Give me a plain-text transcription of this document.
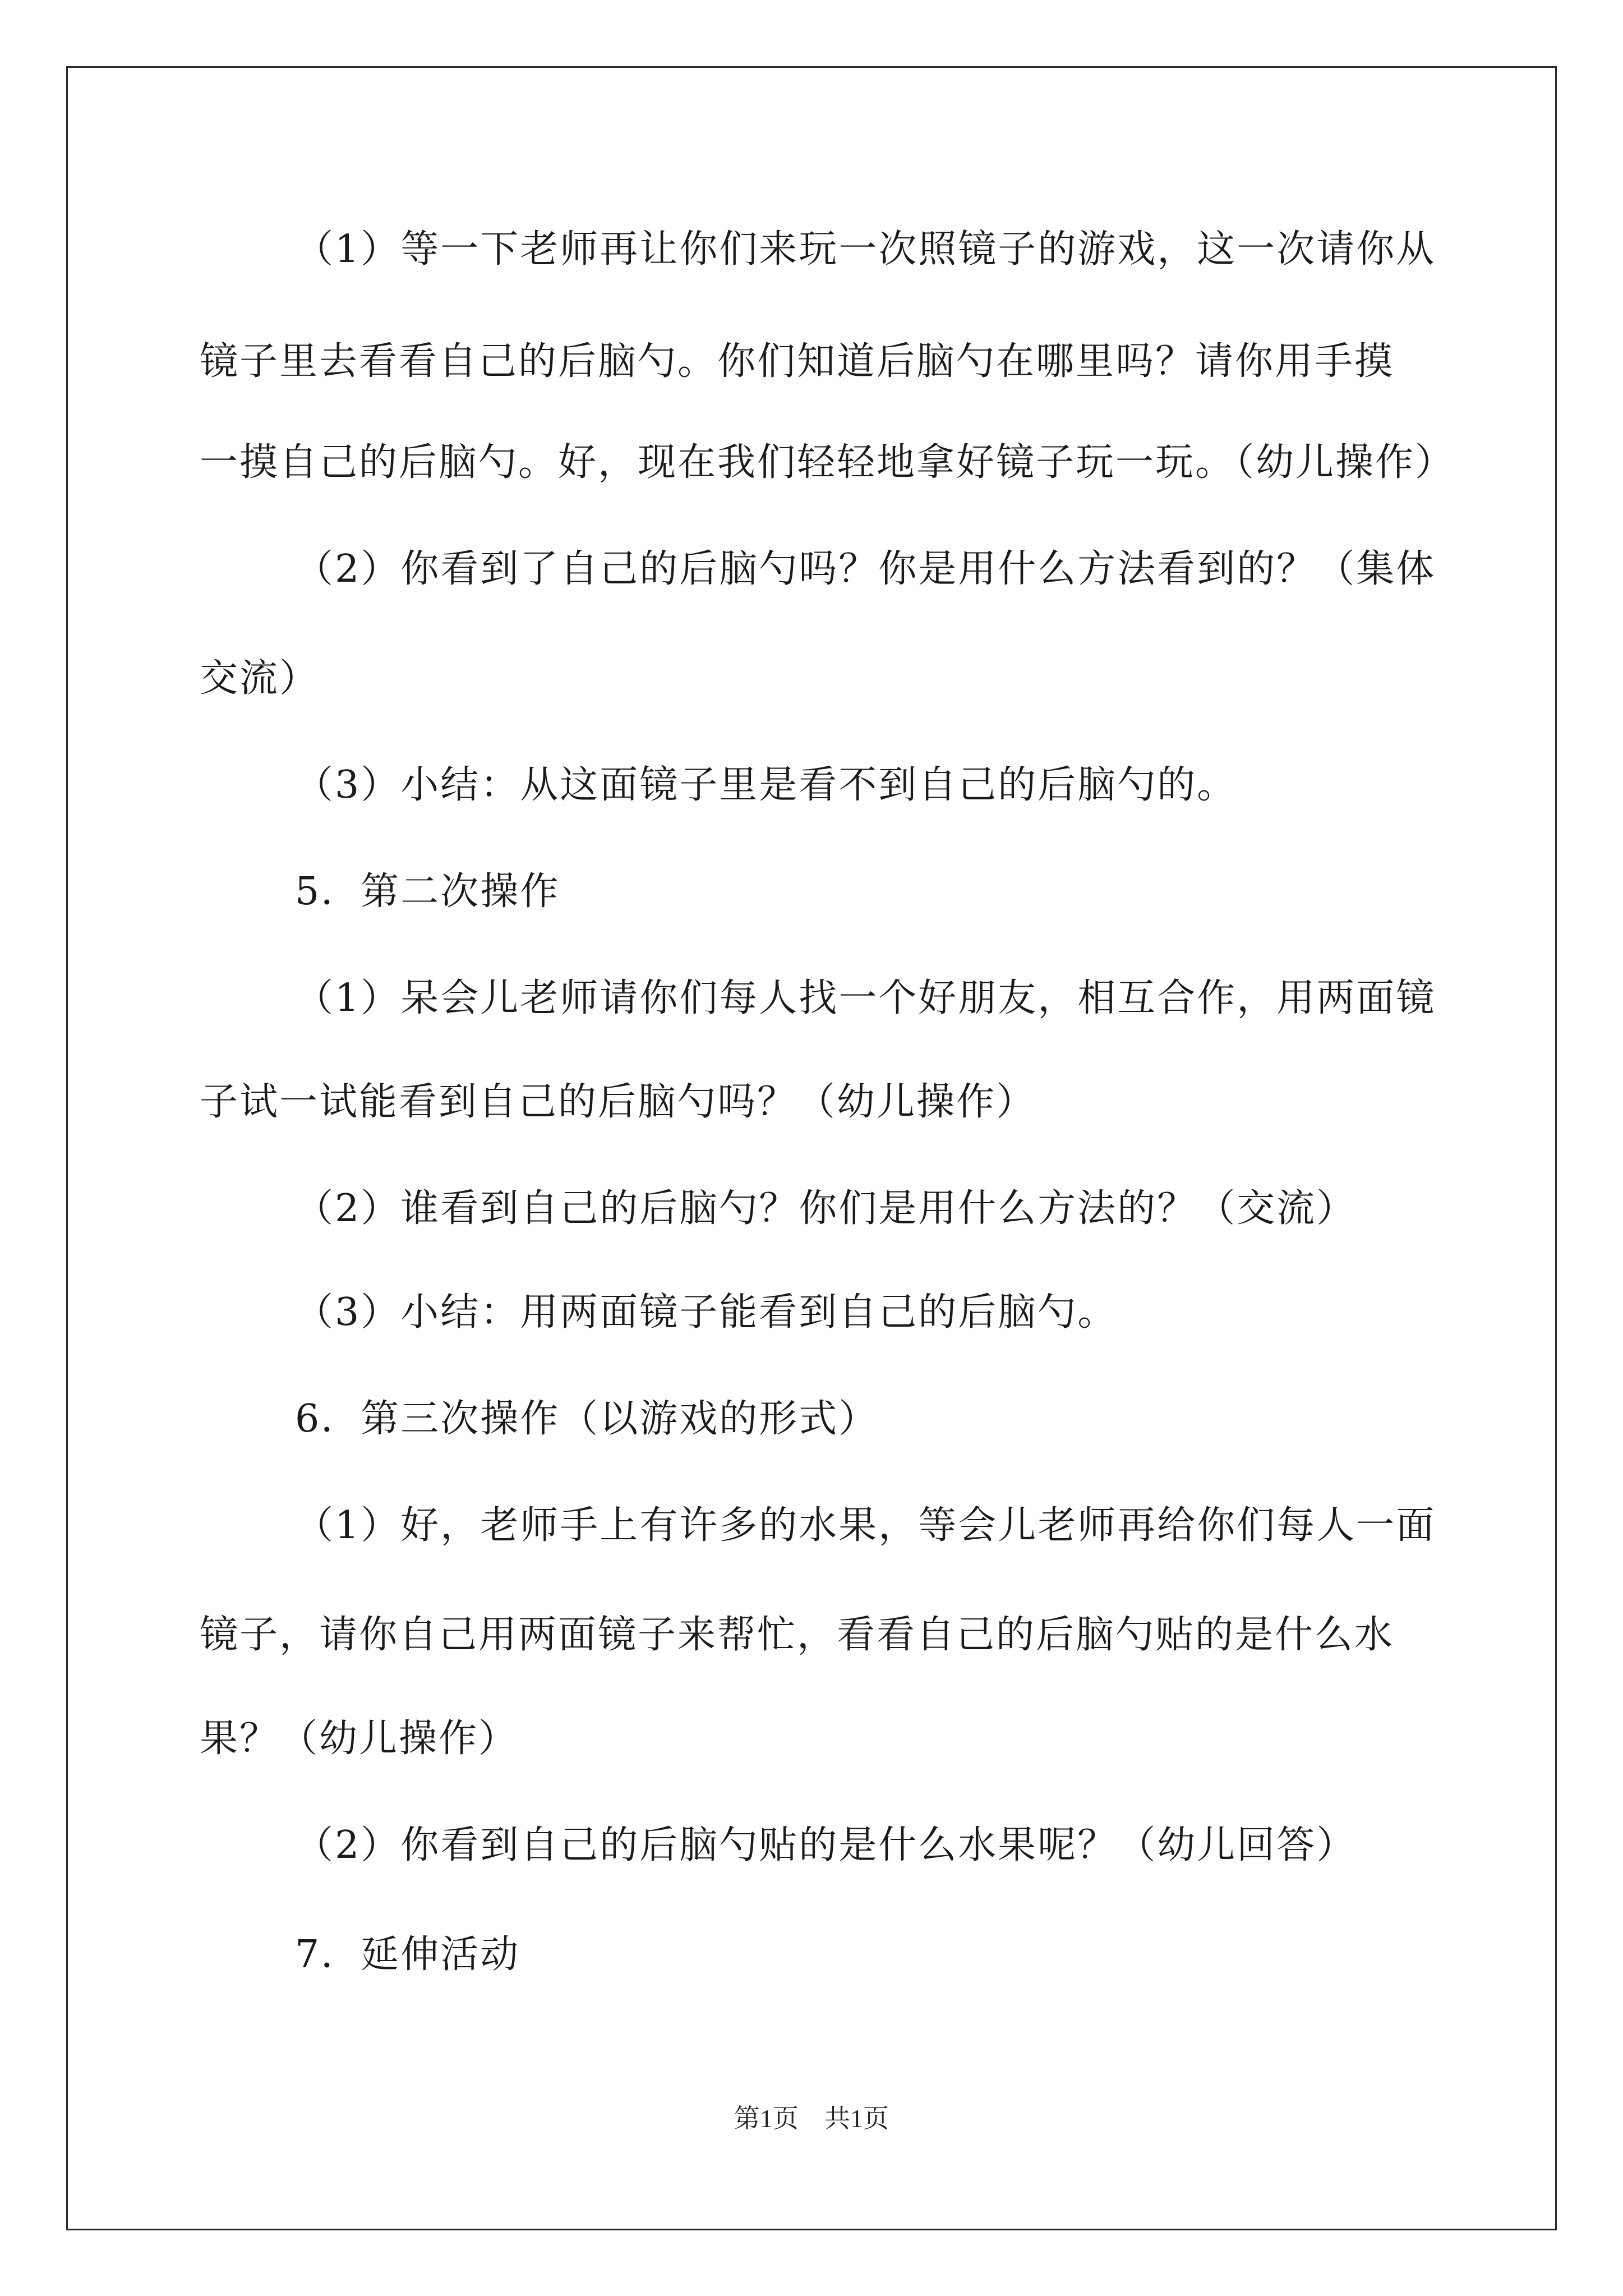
（1）等一下老师再让你们来玩一次照镜子的游戏，这一次请你从
镜子里去看看自己的后脑勺。你们知道后脑勺在哪里吗？请你用手摸
一摸自己的后脑勺。好，现在我们轻轻地拿好镜子玩一玩。（幼儿操作）
（2）你看到了自己的后脑勺吗？你是用什么方法看到的？（集体
交流）
（3）小结：从这面镜子里是看不到自己的后脑勺的。
5．第二次操作
（1）呆会儿老师请你们每人找一个好朋友，相互合作，用两面镜
子试一试能看到自己的后脑勺吗？（幼儿操作）
（2）谁看到自己的后脑勺？你们是用什么方法的？（交流）
（3）小结：用两面镜子能看到自己的后脑勺。
6．第三次操作（以游戏的形式）
（1）好，老师手上有许多的水果，等会儿老师再给你们每人一面
镜子，请你自己用两面镜子来帮忙，看看自己的后脑勺贴的是什么水
果？（幼儿操作）
（2）你看到自己的后脑勺贴的是什么水果呢？（幼儿回答）
7．延伸活动
第1页　共1页
